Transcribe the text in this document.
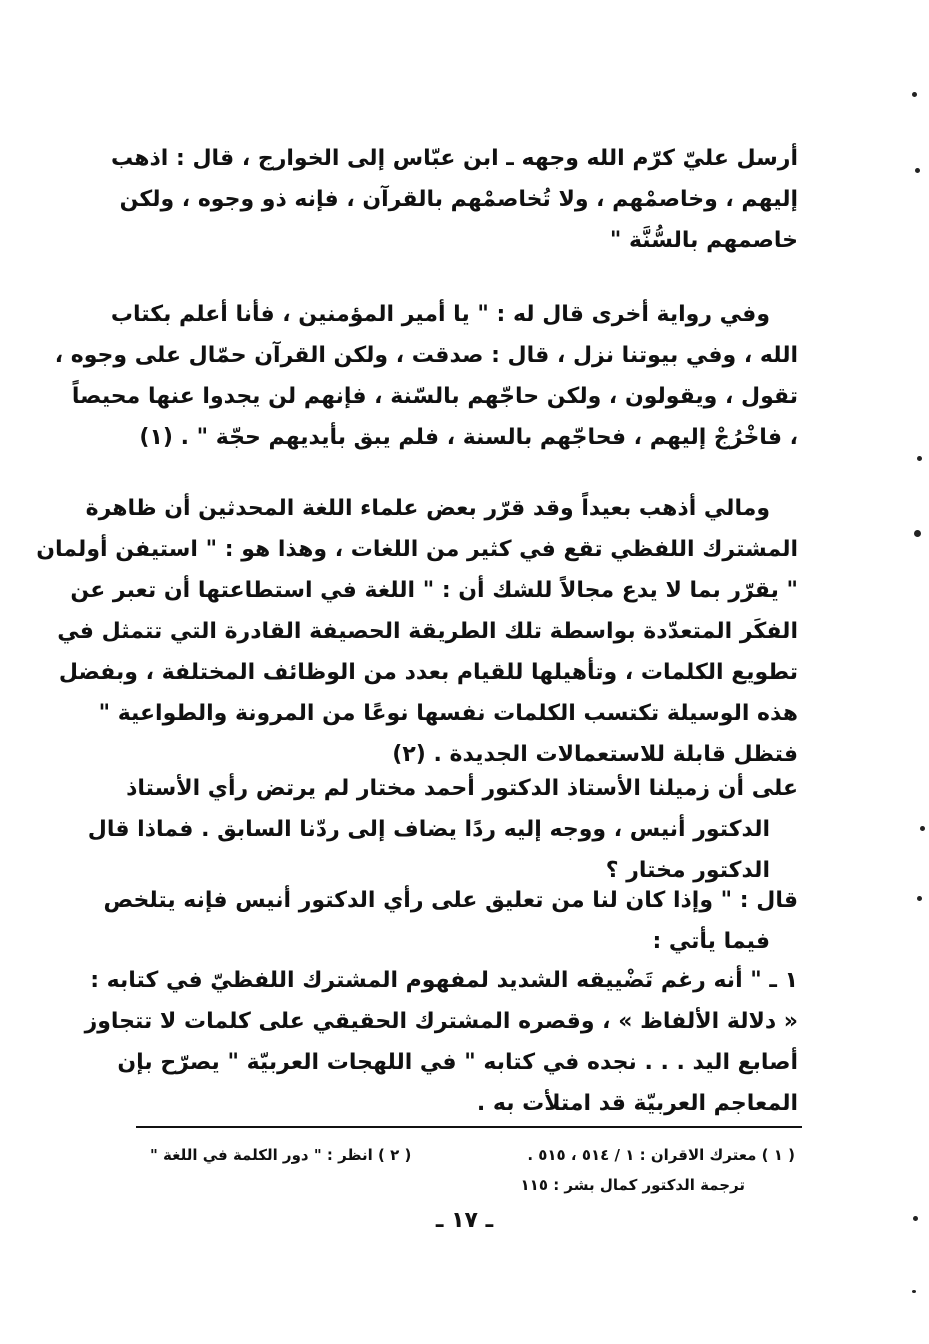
أرسل عليّ كرّم الله وجهه ـ ابن عبّاس إلى الخوارج ، قال : اذهب
إليهم ، وخاصمْهم ، ولا تُخاصمْهم بالقرآن ، فإنه ذو وجوه ، ولكن
خاصمهم بالسُّنَّة "
وفي رواية أخرى قال له : " يا أمير المؤمنين ، فأنا أعلم بكتاب
الله ، وفي بيوتنا نزل ، قال : صدقت ، ولكن القرآن حمّال على وجوه ،
تقول ، ويقولون ، ولكن حاجّهم بالسّنة ، فإنهم لن يجدوا عنها محيصاً
، فاخْرُجْ إليهم ، فحاجّهم بالسنة ، فلم يبق بأيديهم حجّة " . (١)
ومالي أذهب بعيداً وقد قرّر بعض علماء اللغة المحدثين أن ظاهرة
المشترك اللفظي تقع في كثير من اللغات ، وهذا هو : " استيفن أولمان
" يقرّر بما لا يدع مجالاً للشك أن : " اللغة في استطاعتها أن تعبر عن
الفكَر المتعدّدة بواسطة تلك الطريقة الحصيفة القادرة التي تتمثل في
تطويع الكلمات ، وتأهيلها للقيام بعدد من الوظائف المختلفة ، وبفضل
هذه الوسيلة تكتسب الكلمات نفسها نوعًا من المرونة والطواعية "
فتظل قابلة للاستعمالات الجديدة . (٢)
على أن زميلنا الأستاذ الدكتور أحمد مختار لم يرتض رأي الأستاذ
الدكتور أنيس ، ووجه إليه ردًا يضاف إلى ردّنا السابق . فماذا قال
الدكتور مختار ؟
قال : " وإذا كان لنا من تعليق على رأي الدكتور أنيس فإنه يتلخص
فيما يأتي :
١ ـ " أنه رغم تَضْييقه الشديد لمفهوم المشترك اللفظيّ في كتابه :
« دلالة الألفاظ » ، وقصره المشترك الحقيقي على كلمات لا تتجاوز
أصابع اليد . . . نجده في كتابه " في اللهجات العربيّة " يصرّح بإن
المعاجم العربيّة قد امتلأت به .
( ١ ) معترك الاقران : ١ / ٥١٤ ، ٥١٥ .
( ٢ ) انظر : " دور الكلمة في اللغة "
ترجمة الدكتور كمال بشر : ١١٥
ـ ١٧ ـ
